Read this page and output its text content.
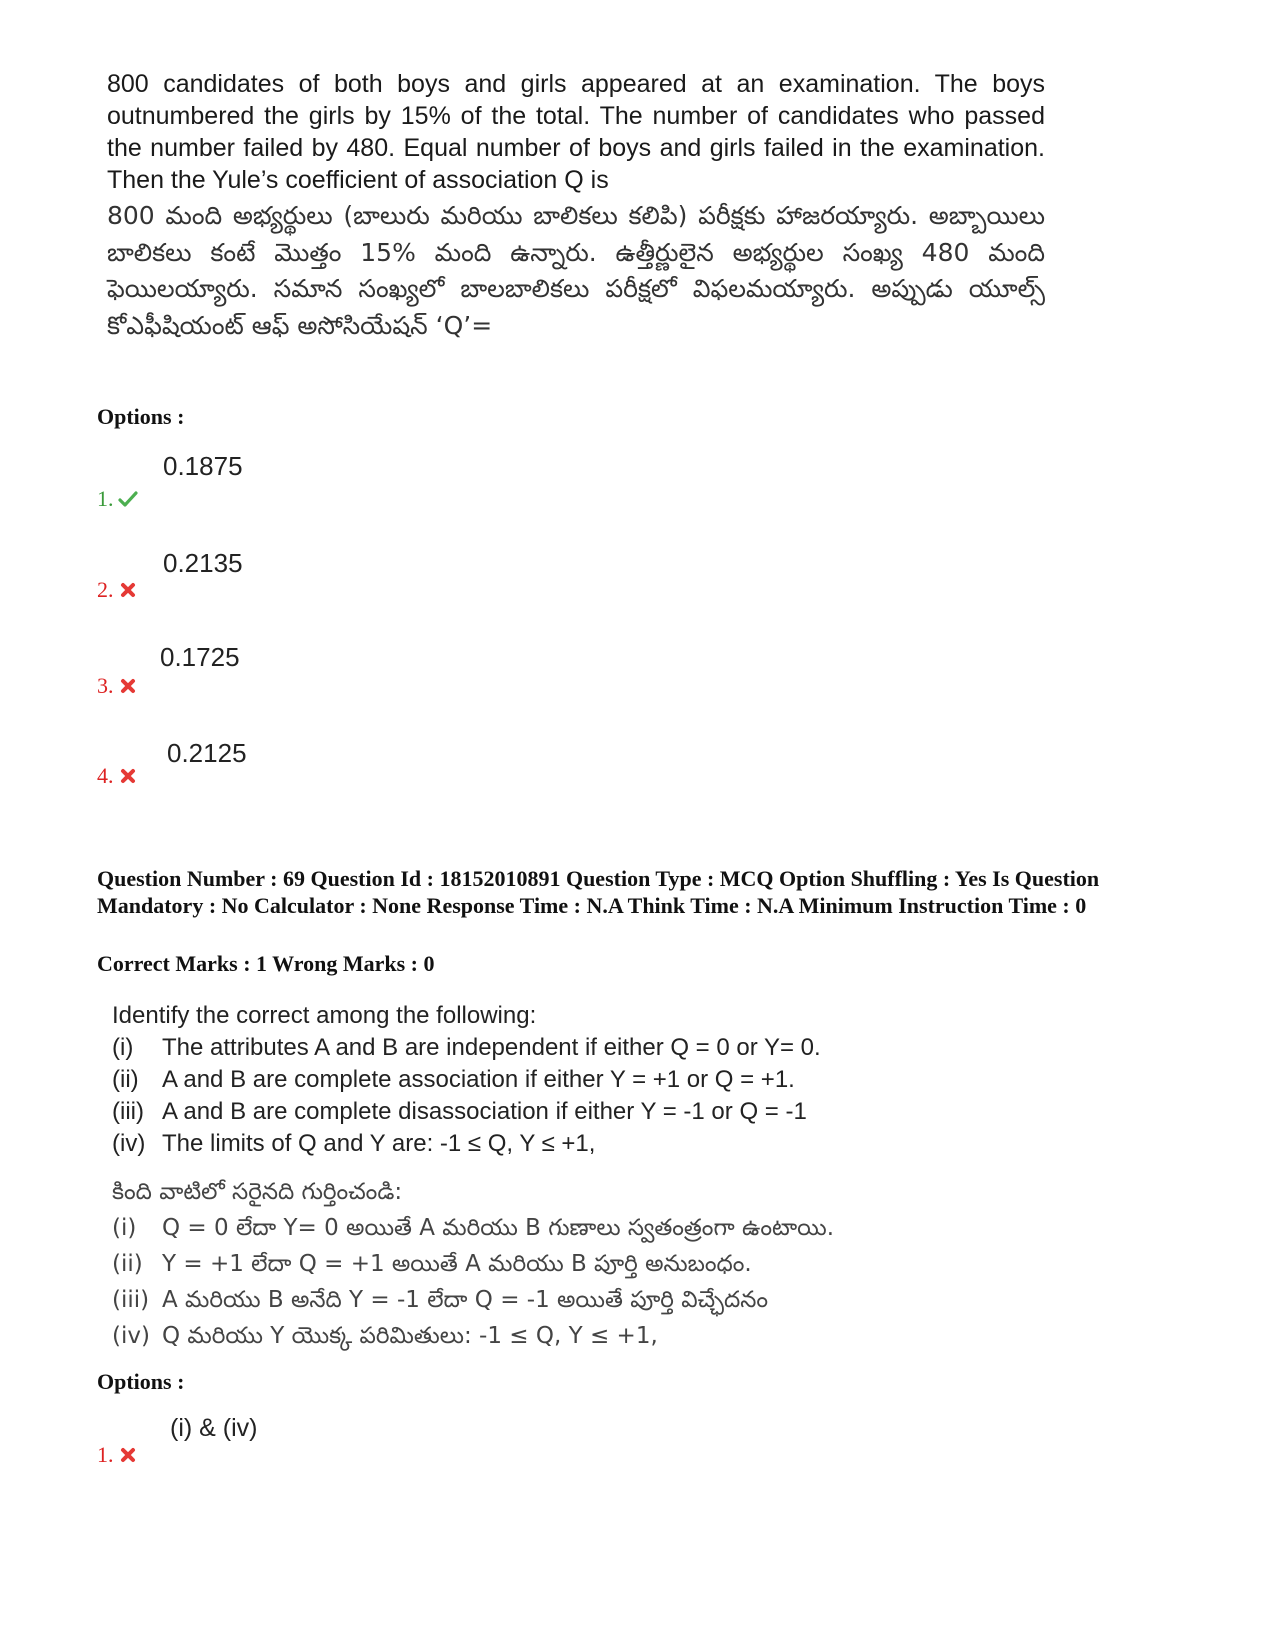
800 candidates of both boys and girls appeared at an examination. The boys outnumbered the girls by 15% of the total. The number of candidates who passed the number failed by 480. Equal number of boys and girls failed in the examination. Then the Yule’s coefficient of association Q is

800 మంది అభ్యర్థులు (బాలురు మరియు బాలికలు కలిపి) పరీక్షకు హాజరయ్యారు. అబ్బాయిలు బాలికలు కంటే మొత్తం 15% మంది ఉన్నారు. ఉత్తీర్ణులైన అభ్యర్థుల సంఖ్య 480 మంది ఫెయిలయ్యారు. సమాన సంఖ్యలో బాలబాలికలు పరీక్షలో విఫలమయ్యారు. అప్పుడు యూల్స్ కోఎఫీషియంట్ ఆఫ్ అసోసియేషన్ ‘Q’=

Options :
0.1875
1.
0.2135
2.
0.1725
3.
0.2125
4.
Question Number : 69 Question Id : 18152010891 Question Type : MCQ Option Shuffling : Yes Is Question Mandatory : No Calculator : None Response Time : N.A Think Time : N.A Minimum Instruction Time : 0
Correct Marks : 1 Wrong Marks : 0
Identify the correct among the following:
(i)	The attributes A and B are independent if either Q = 0 or Y= 0.
(ii) A and B are complete association if either Y = +1 or Q = +1.
(iii) A and B are complete disassociation if either Y = -1 or Q = -1
(iv) The limits of Q and Y are: -1 ≤ Q, Y ≤ +1,
కింది వాటిలో సరైనది గుర్తించండి:
(i)	Q = 0 లేదా Y= 0 అయితే A మరియు B గుణాలు స్వతంత్రంగా ఉంటాయి.
(ii) Y = +1 లేదా Q = +1 అయితే A మరియు B పూర్తి అనుబంధం.
(iii) A మరియు B అనేది Y = -1 లేదా Q = -1 అయితే పూర్తి విచ్ఛేదనం
(iv) Q మరియు Y యొక్క పరిమితులు: -1 ≤ Q, Y ≤ +1,
Options :
(i) & (iv)
1.
